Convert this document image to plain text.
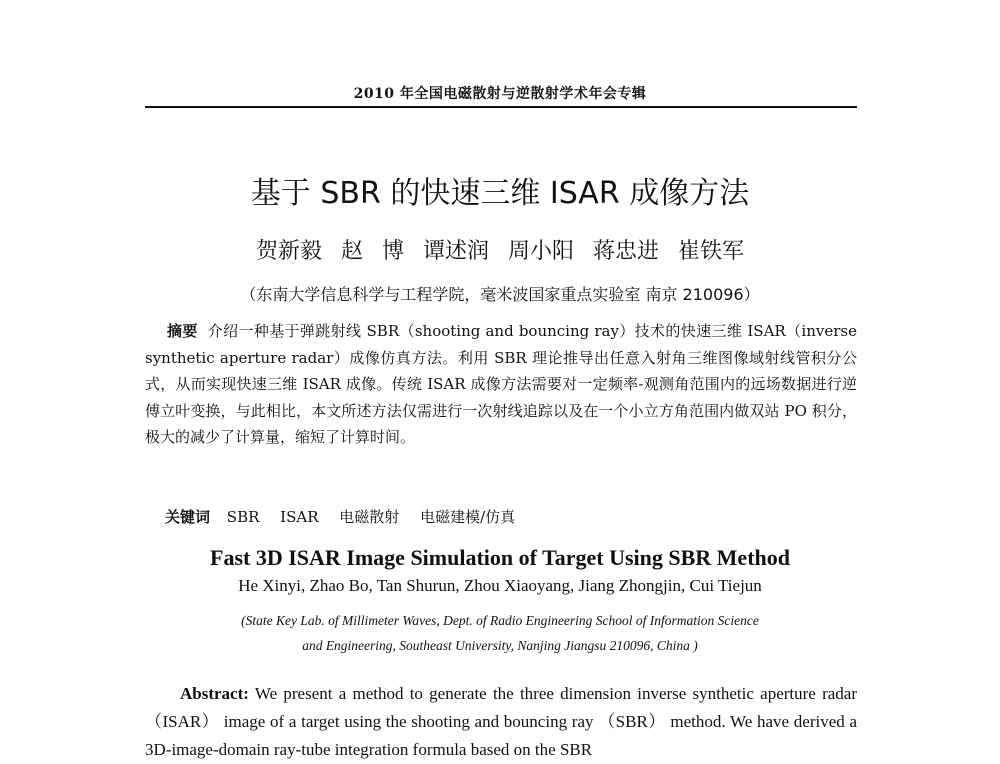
2010 年全国电磁散射与逆散射学术年会专辑
基于 SBR 的快速三维 ISAR 成像方法
贺新毅 赵 博 谭述润 周小阳 蒋忠进 崔铁军
（东南大学信息科学与工程学院，毫米波国家重点实验室 南京 210096）
摘要 介绍一种基于弹跳射线 SBR（shooting and bouncing ray）技术的快速三维 ISAR（inverse synthetic aperture radar）成像仿真方法。利用 SBR 理论推导出任意入射角三维图像域射线管积分公式，从而实现快速三维 ISAR 成像。传统 ISAR 成像方法需要对一定频率-观测角范围内的远场数据进行逆傅立叶变换，与此相比，本文所述方法仅需进行一次射线追踪以及在一个小立方角范围内做双站 PO 积分，极大的减少了计算量，缩短了计算时间。
关键词 SBR ISAR 电磁散射 电磁建模/仿真
Fast 3D ISAR Image Simulation of Target Using SBR Method
He Xinyi, Zhao Bo, Tan Shurun, Zhou Xiaoyang, Jiang Zhongjin, Cui Tiejun
(State Key Lab. of Millimeter Waves, Dept. of Radio Engineering School of Information Science
and Engineering, Southeast University, Nanjing Jiangsu 210096, China )
Abstract: We present a method to generate the three dimension inverse synthetic aperture radar （ISAR） image of a target using the shooting and bouncing ray （SBR） method. We have derived a 3D-image-domain ray-tube integration formula based on the SBR
